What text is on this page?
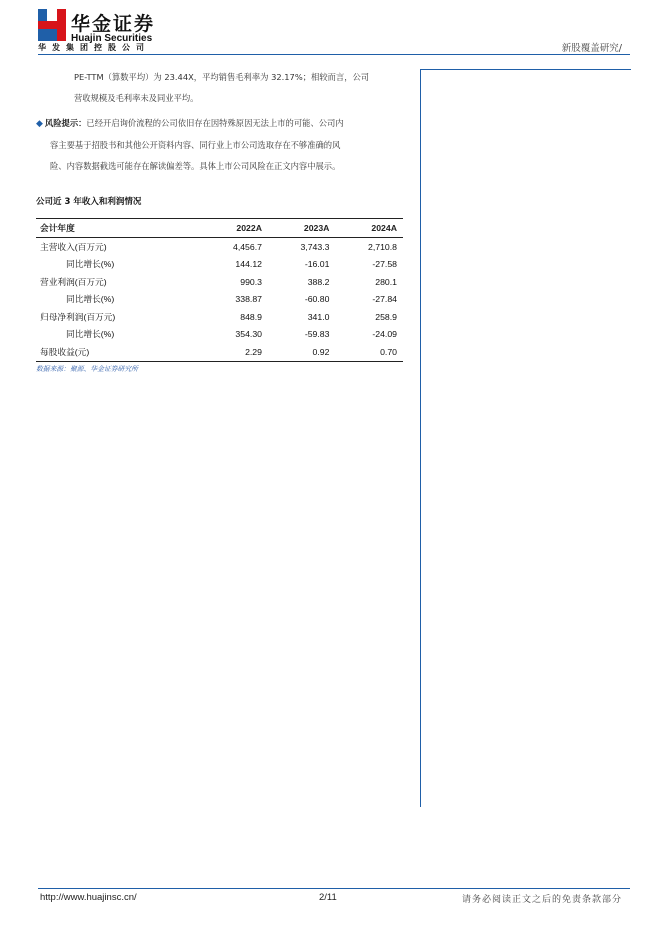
华金证券
Huajin Securities
华发集团控股公司	新股覆盖研究/
PE-TTM（算数平均）为 23.44X，平均销售毛利率为 32.17%；相较而言，公司
营收规模及毛利率未及同业平均。
◆ 风险提示：已经开启询价流程的公司依旧存在因特殊原因无法上市的可能、公司内
容主要基于招股书和其他公开资料内容、同行业上市公司选取存在不够准确的风
险、内容数据截选可能存在解读偏差等。具体上市公司风险在正文内容中展示。
公司近 3 年收入和利润情况
会计年度	2022A	2023A	2024A
主营收入(百万元)	4,456.7	3,743.3	2,710.8
同比增长(%)	144.12	-16.01	-27.58
营业利润(百万元)	990.3	388.2	280.1
同比增长(%)	338.87	-60.80	-27.84
归母净利润(百万元)	848.9	341.0	258.9
同比增长(%)	354.30	-59.83	-24.09
每股收益(元)	2.29	0.92	0.70
数据来源：聚源、华金证券研究所
http://www.huajinsc.cn/	2/11	请务必阅读正文之后的免责条款部分
